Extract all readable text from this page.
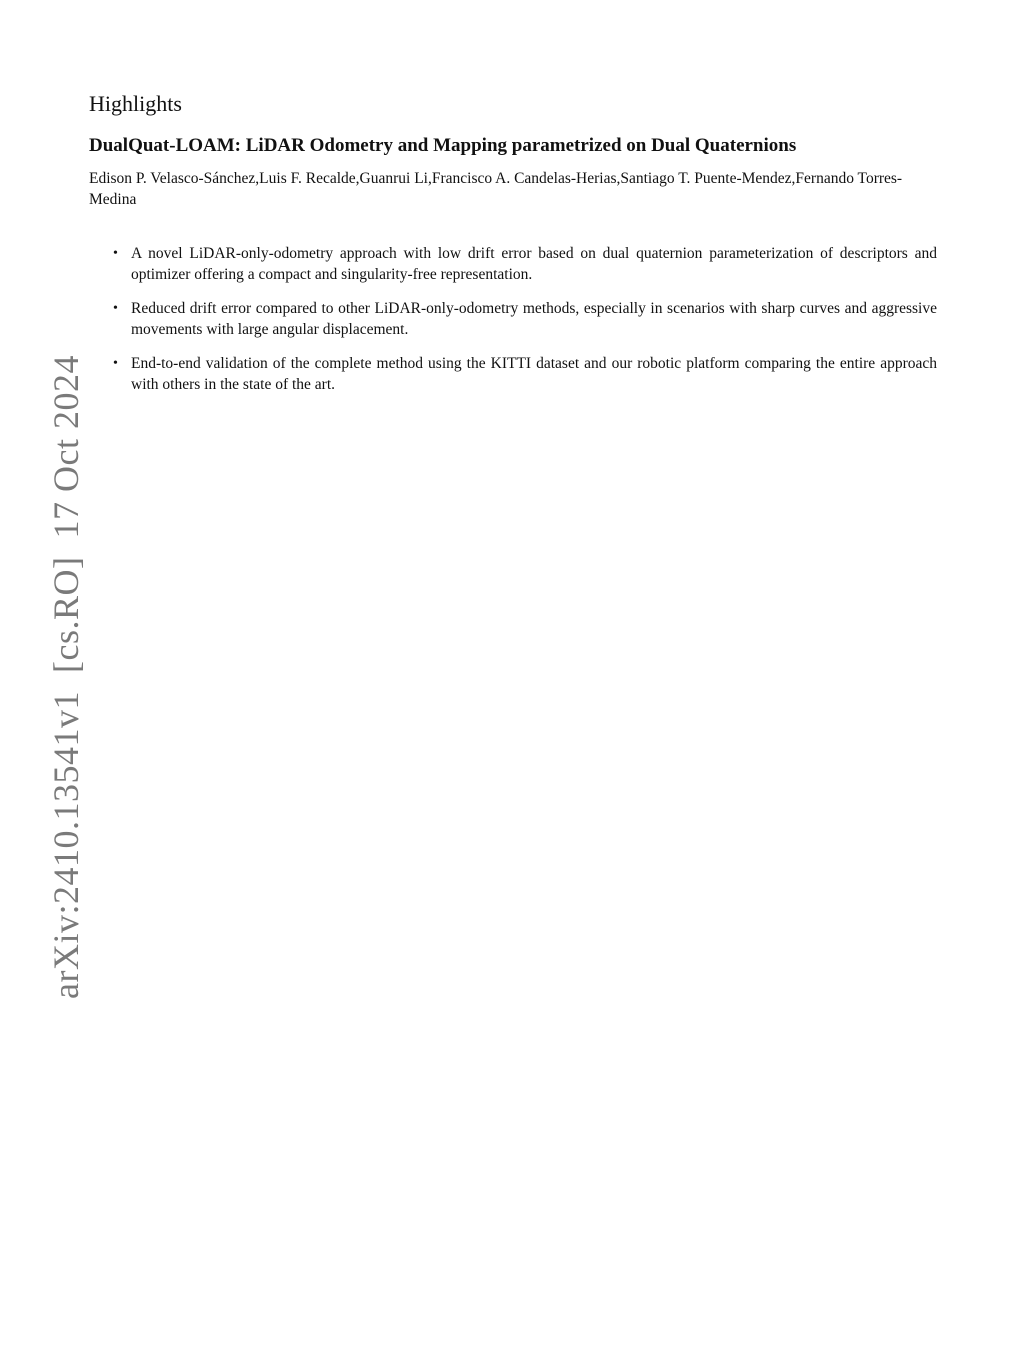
Highlights
DualQuat-LOAM: LiDAR Odometry and Mapping parametrized on Dual Quaternions

Edison P. Velasco-Sánchez,Luis F. Recalde,Guanrui Li,Francisco A. Candelas-Herias,Santiago T. Puente-Mendez,Fernando Torres-Medina

• A novel LiDAR-only-odometry approach with low drift error based on dual quaternion parameterization of descriptors and optimizer offering a compact and singularity-free representation.
• Reduced drift error compared to other LiDAR-only-odometry methods, especially in scenarios with sharp curves and aggressive movements with large angular displacement.
• End-to-end validation of the complete method using the KITTI dataset and our robotic platform comparing the entire approach with others in the state of the art.
arXiv:2410.13541v1[cs.RO]17 Oct 2024
